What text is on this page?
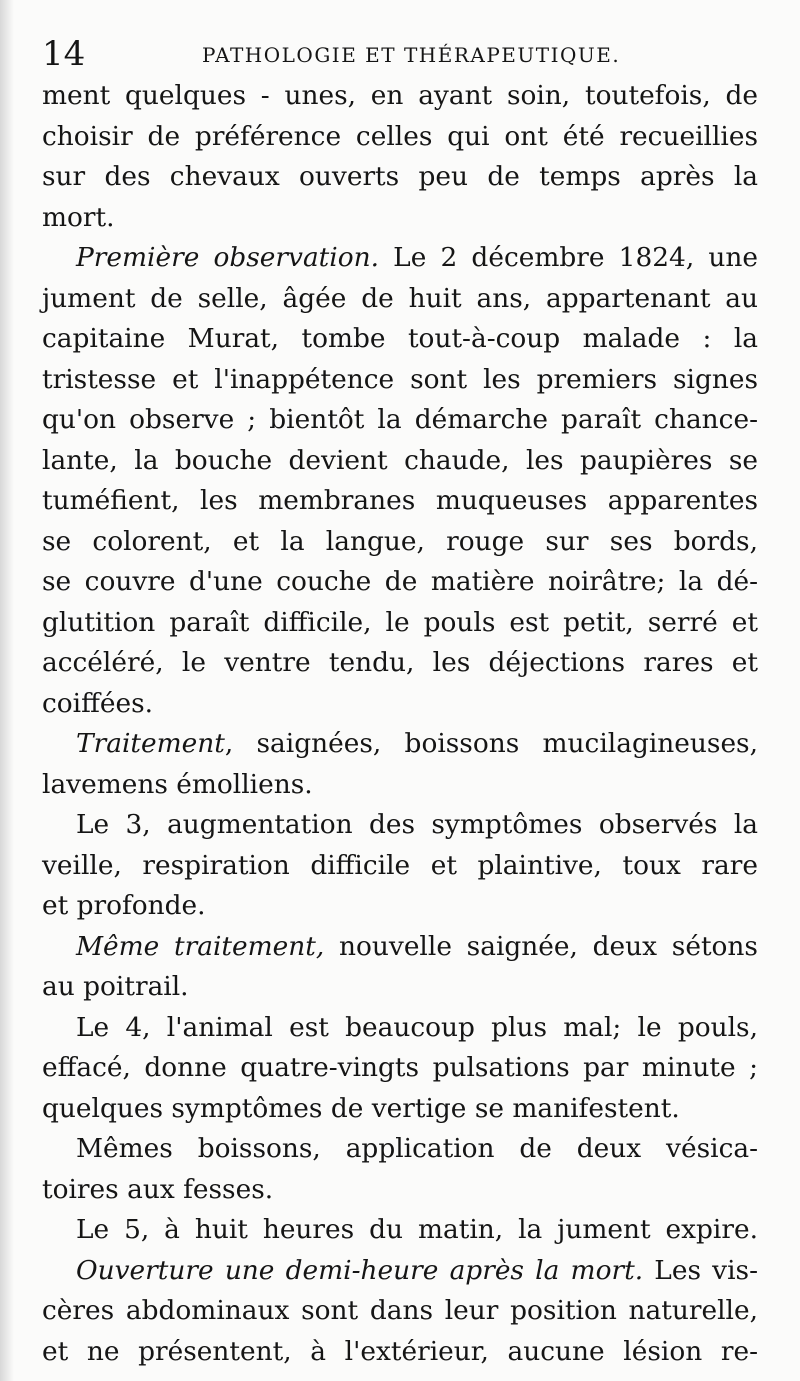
14	PATHOLOGIE ET THÉRAPEUTIQUE.
ment quelques - unes, en ayant soin, toutefois, de
choisir de préférence celles qui ont été recueillies
sur des chevaux ouverts peu de temps après la
mort.
Première observation. Le 2 décembre 1824, une
jument de selle, âgée de huit ans, appartenant au
capitaine Murat, tombe tout-à-coup malade : la
tristesse et l'inappétence sont les premiers signes
qu'on observe ; bientôt la démarche paraît chance-
lante, la bouche devient chaude, les paupières se
tuméfient, les membranes muqueuses apparentes
se colorent, et la langue, rouge sur ses bords,
se couvre d'une couche de matière noirâtre; la dé-
glutition paraît difficile, le pouls est petit, serré et
accéléré, le ventre tendu, les déjections rares et
coiffées.
Traitement, saignées, boissons mucilagineuses,
lavemens émolliens.
Le 3, augmentation des symptômes observés la
veille, respiration difficile et plaintive, toux rare
et profonde.
Même traitement, nouvelle saignée, deux sétons
au poitrail.
Le 4, l'animal est beaucoup plus mal; le pouls,
effacé, donne quatre-vingts pulsations par minute ;
quelques symptômes de vertige se manifestent.
Mêmes boissons, application de deux vésica-
toires aux fesses.
Le 5, à huit heures du matin, la jument expire.
Ouverture une demi-heure après la mort. Les vis-
cères abdominaux sont dans leur position naturelle,
et ne présentent, à l'extérieur, aucune lésion re-
